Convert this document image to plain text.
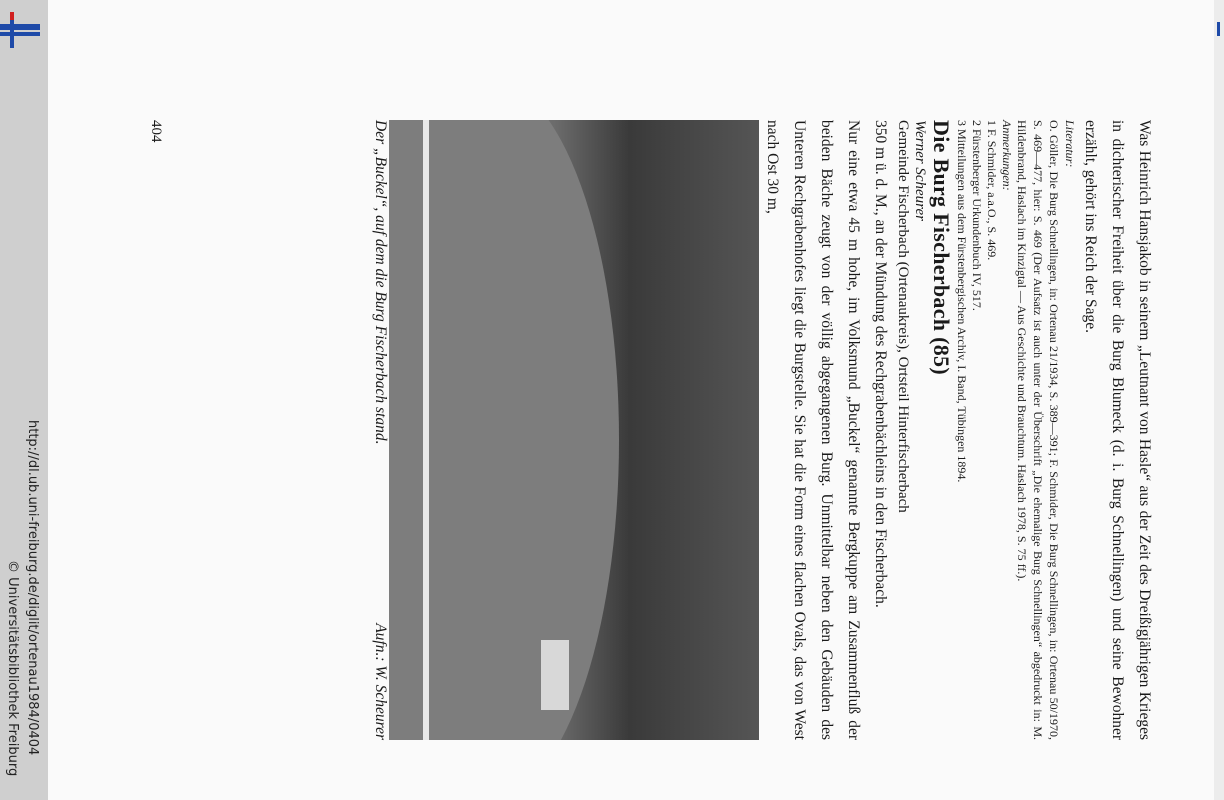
http://dl.ub.uni-freiburg.de/diglit/ortenau1984/0404
© Universitätsbibliothek Freiburg	Was Heinrich Hansjakob in seinem „Leutnant von Hasle“ aus der Zeit des Dreißigjährigen Krieges in dichterischer Freiheit über die Burg Blumeck (d. i. Burg Schnellingen) und seine Bewohner erzählt, gehört ins Reich der Sage.

Literatur:

O. Göller, Die Burg Schnellingen, in: Ortenau 21/1934, S. 389—391; F. Schmider, Die Burg Schnellingen, in: Ortenau 50/1970, S. 469—477, hier: S. 469 (Der Aufsatz ist auch unter der Überschrift „Die ehemalige Burg Schnellingen“ abgedruckt in: M. Hildenbrand, Haslach im Kinzigtal — Aus Geschichte und Brauchtum. Haslach 1978, S. 75 ff.).

Anmerkungen:
1 F. Schmider, a.a.O., S. 469.
2 Fürstenberger Urkundenbuch IV, 517.
3 Mitteilungen aus dem Fürstenbergischen Archiv, I. Band, Tübingen 1894.
Die Burg Fischerbach (85)
Werner Scheurer
Gemeinde Fischerbach (Ortenaukreis), Ortsteil Hinterfischerbach

350 m ü. d. M., an der Mündung des Rechgrabenbächleins in den Fischerbach.

Nur eine etwa 45 m hohe, im Volksmund „Buckel“ genannte Bergkuppe am Zusammenfluß der beiden Bäche zeugt von der völlig abgegangenen Burg. Unmittelbar neben den Gebäuden des Unteren Rechgrabenhofes liegt die Burgstelle. Sie hat die Form eines flachen Ovals, das von West nach Ost 30 m,

Der „Buckel“, auf dem die Burg Fischerbach stand.
Aufn.: W. Scheurer
404
